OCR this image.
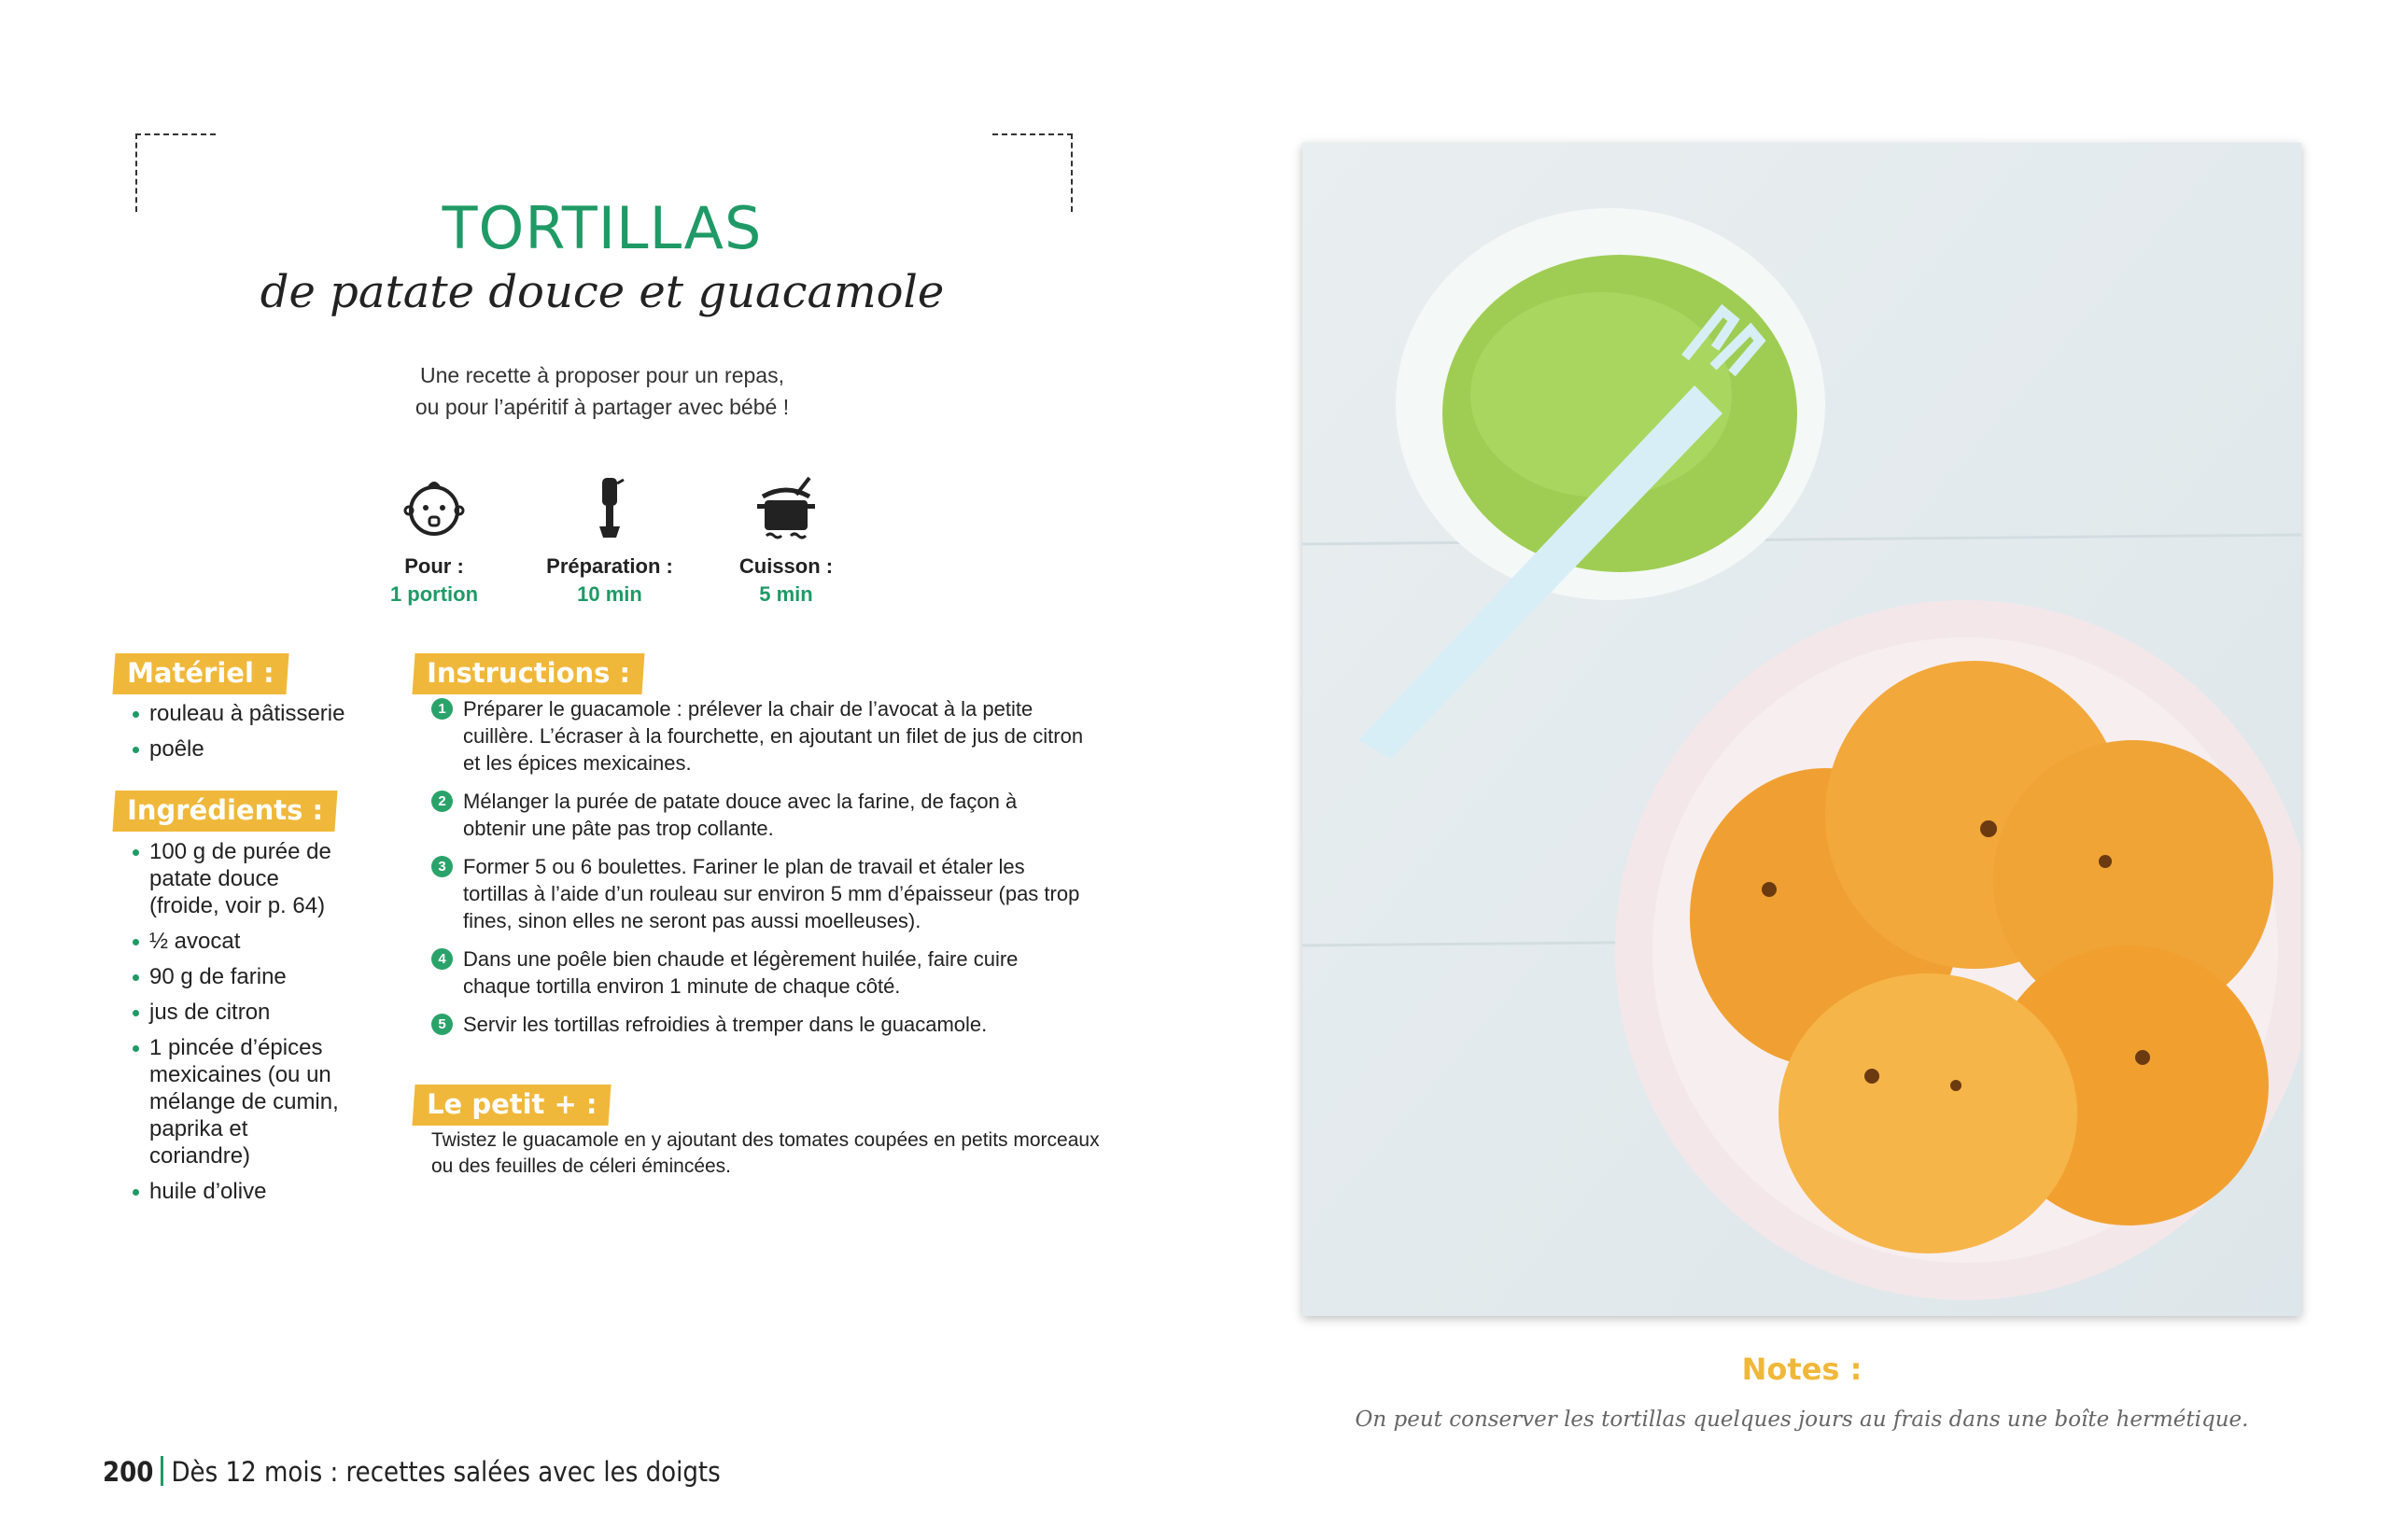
TORTILLAS
de patate douce et guacamole
Une recette à proposer pour un repas,
ou pour l’apéritif à partager avec bébé !
Pour :
1 portion
Préparation :
10 min
Cuisson :
5 min
Matériel :
rouleau à pâtisserie
poêle
Ingrédients :
100 g de purée de patate douce (froide, voir p. 64)
½ avocat
90 g de farine
jus de citron
1 pincée d’épices mexicaines (ou un mélange de cumin, paprika et coriandre)
huile d’olive
Instructions :
1 Préparer le guacamole : prélever la chair de l’avocat à la petite cuillère. L’écraser à la fourchette, en ajoutant un filet de jus de citron et les épices mexicaines.
2 Mélanger la purée de patate douce avec la farine, de façon à obtenir une pâte pas trop collante.
3 Former 5 ou 6 boulettes. Fariner le plan de travail et étaler les tortillas à l’aide d’un rouleau sur environ 5 mm d’épaisseur (pas trop fines, sinon elles ne seront pas aussi moelleuses).
4 Dans une poêle bien chaude et légèrement huilée, faire cuire chaque tortilla environ 1 minute de chaque côté.
5 Servir les tortillas refroidies à tremper dans le guacamole.
Le petit + :
Twistez le guacamole en y ajoutant des tomates coupées en petits morceaux ou des feuilles de céleri émincées.
Notes :
On peut conserver les tortillas quelques jours au frais dans une boîte hermétique.
200 Dès 12 mois : recettes salées avec les doigts
